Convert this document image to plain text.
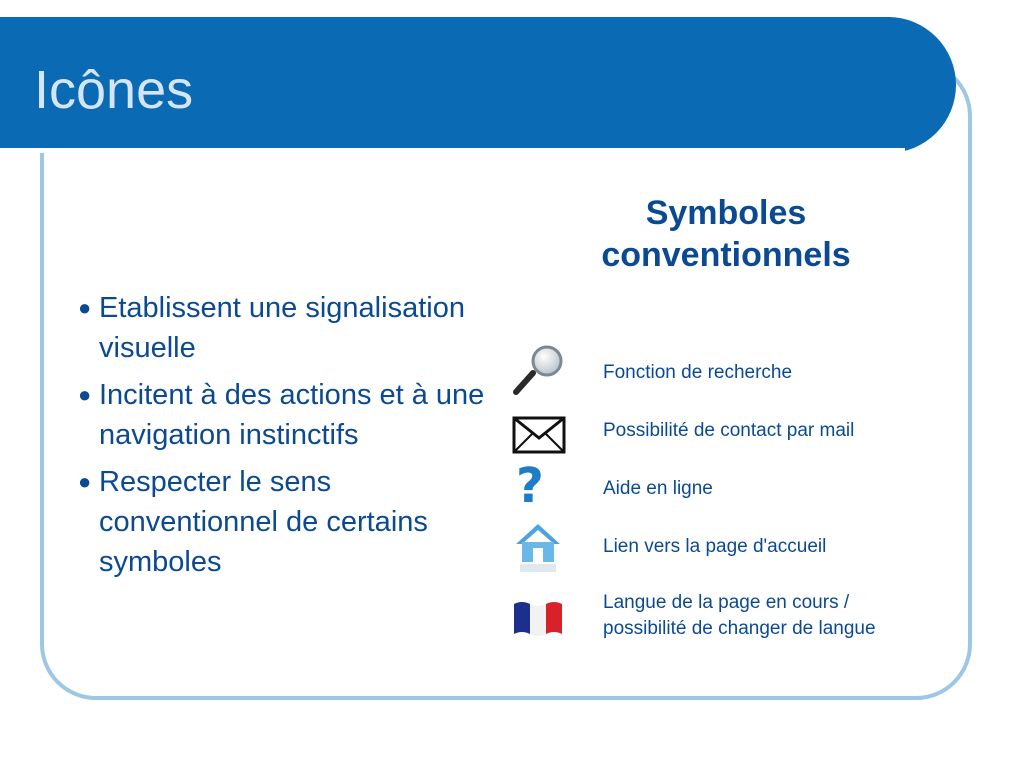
Icônes
● Etablissent une signalisation visuelle
● Incitent à des actions et à une navigation instinctifs
● Respecter le sens conventionnel de certains symboles
Symboles
conventionnels
Fonction de recherche
Possibilité de contact par mail
?	Aide en ligne
Lien vers la page d'accueil
Langue de la page en cours /
possibilité de changer de langue
